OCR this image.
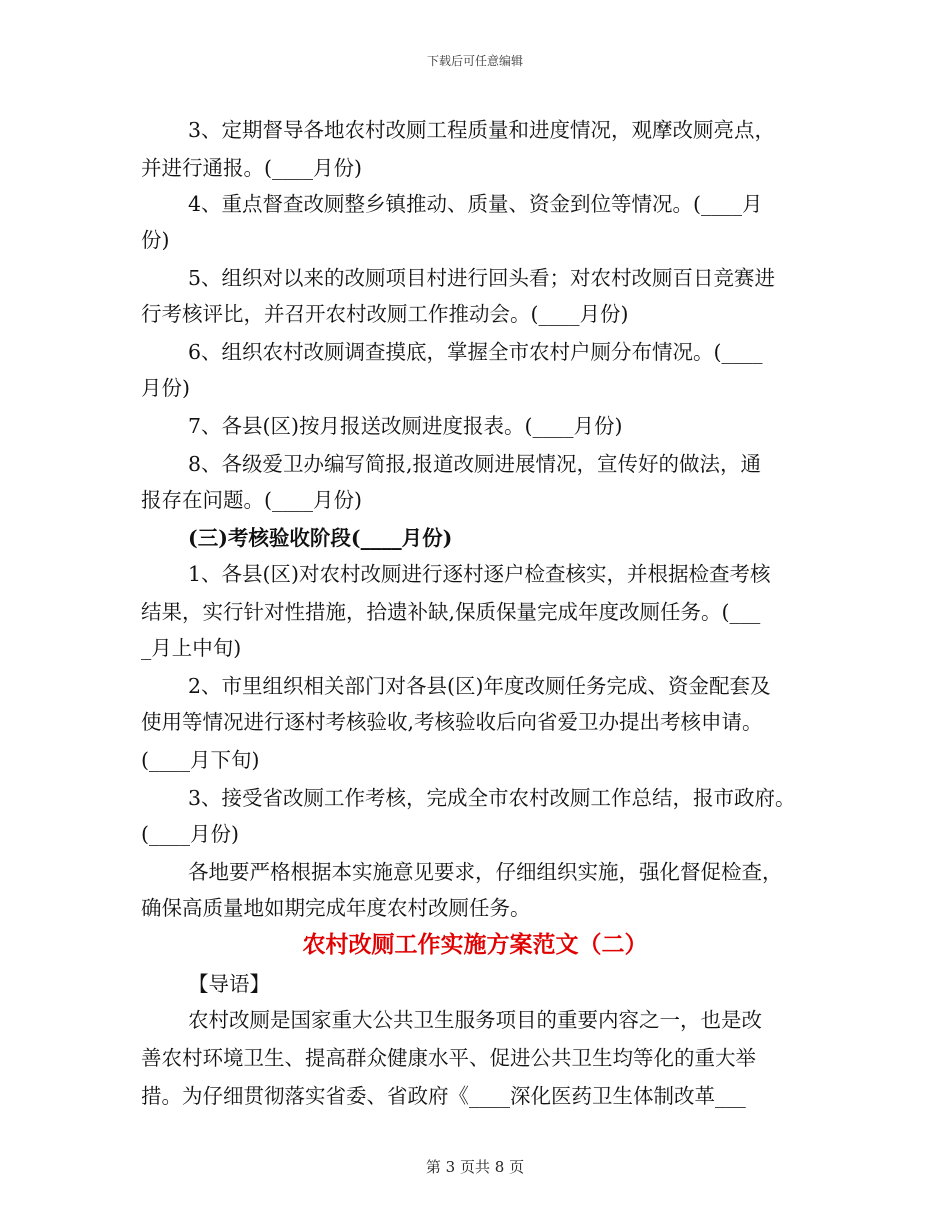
下载后可任意编辑
3、定期督导各地农村改厕工程质量和进度情况，观摩改厕亮点，
并进行通报。(____月份)
4、重点督查改厕整乡镇推动、质量、资金到位等情况。(____月
份)
5、组织对以来的改厕项目村进行回头看；对农村改厕百日竞赛进
行考核评比，并召开农村改厕工作推动会。(____月份)
6、组织农村改厕调查摸底，掌握全市农村户厕分布情况。(____
月份)
7、各县(区)按月报送改厕进度报表。(____月份)
8、各级爱卫办编写简报,报道改厕进展情况，宣传好的做法，通
报存在问题。(____月份)
(三)考核验收阶段(____月份)
1、各县(区)对农村改厕进行逐村逐户检查核实，并根据检查考核
结果，实行针对性措施，拾遗补缺,保质保量完成年度改厕任务。(___
_月上中旬)
2、市里组织相关部门对各县(区)年度改厕任务完成、资金配套及
使用等情况进行逐村考核验收,考核验收后向省爱卫办提出考核申请。
(____月下旬)
3、接受省改厕工作考核，完成全市农村改厕工作总结，报市政府。
(____月份)
各地要严格根据本实施意见要求，仔细组织实施，强化督促检查，
确保高质量地如期完成年度农村改厕任务。
农村改厕工作实施方案范文（二）
【导语】
农村改厕是国家重大公共卫生服务项目的重要内容之一，也是改
善农村环境卫生、提高群众健康水平、促进公共卫生均等化的重大举
措。为仔细贯彻落实省委、省政府《____深化医药卫生体制改革___
第 3 页共 8 页
